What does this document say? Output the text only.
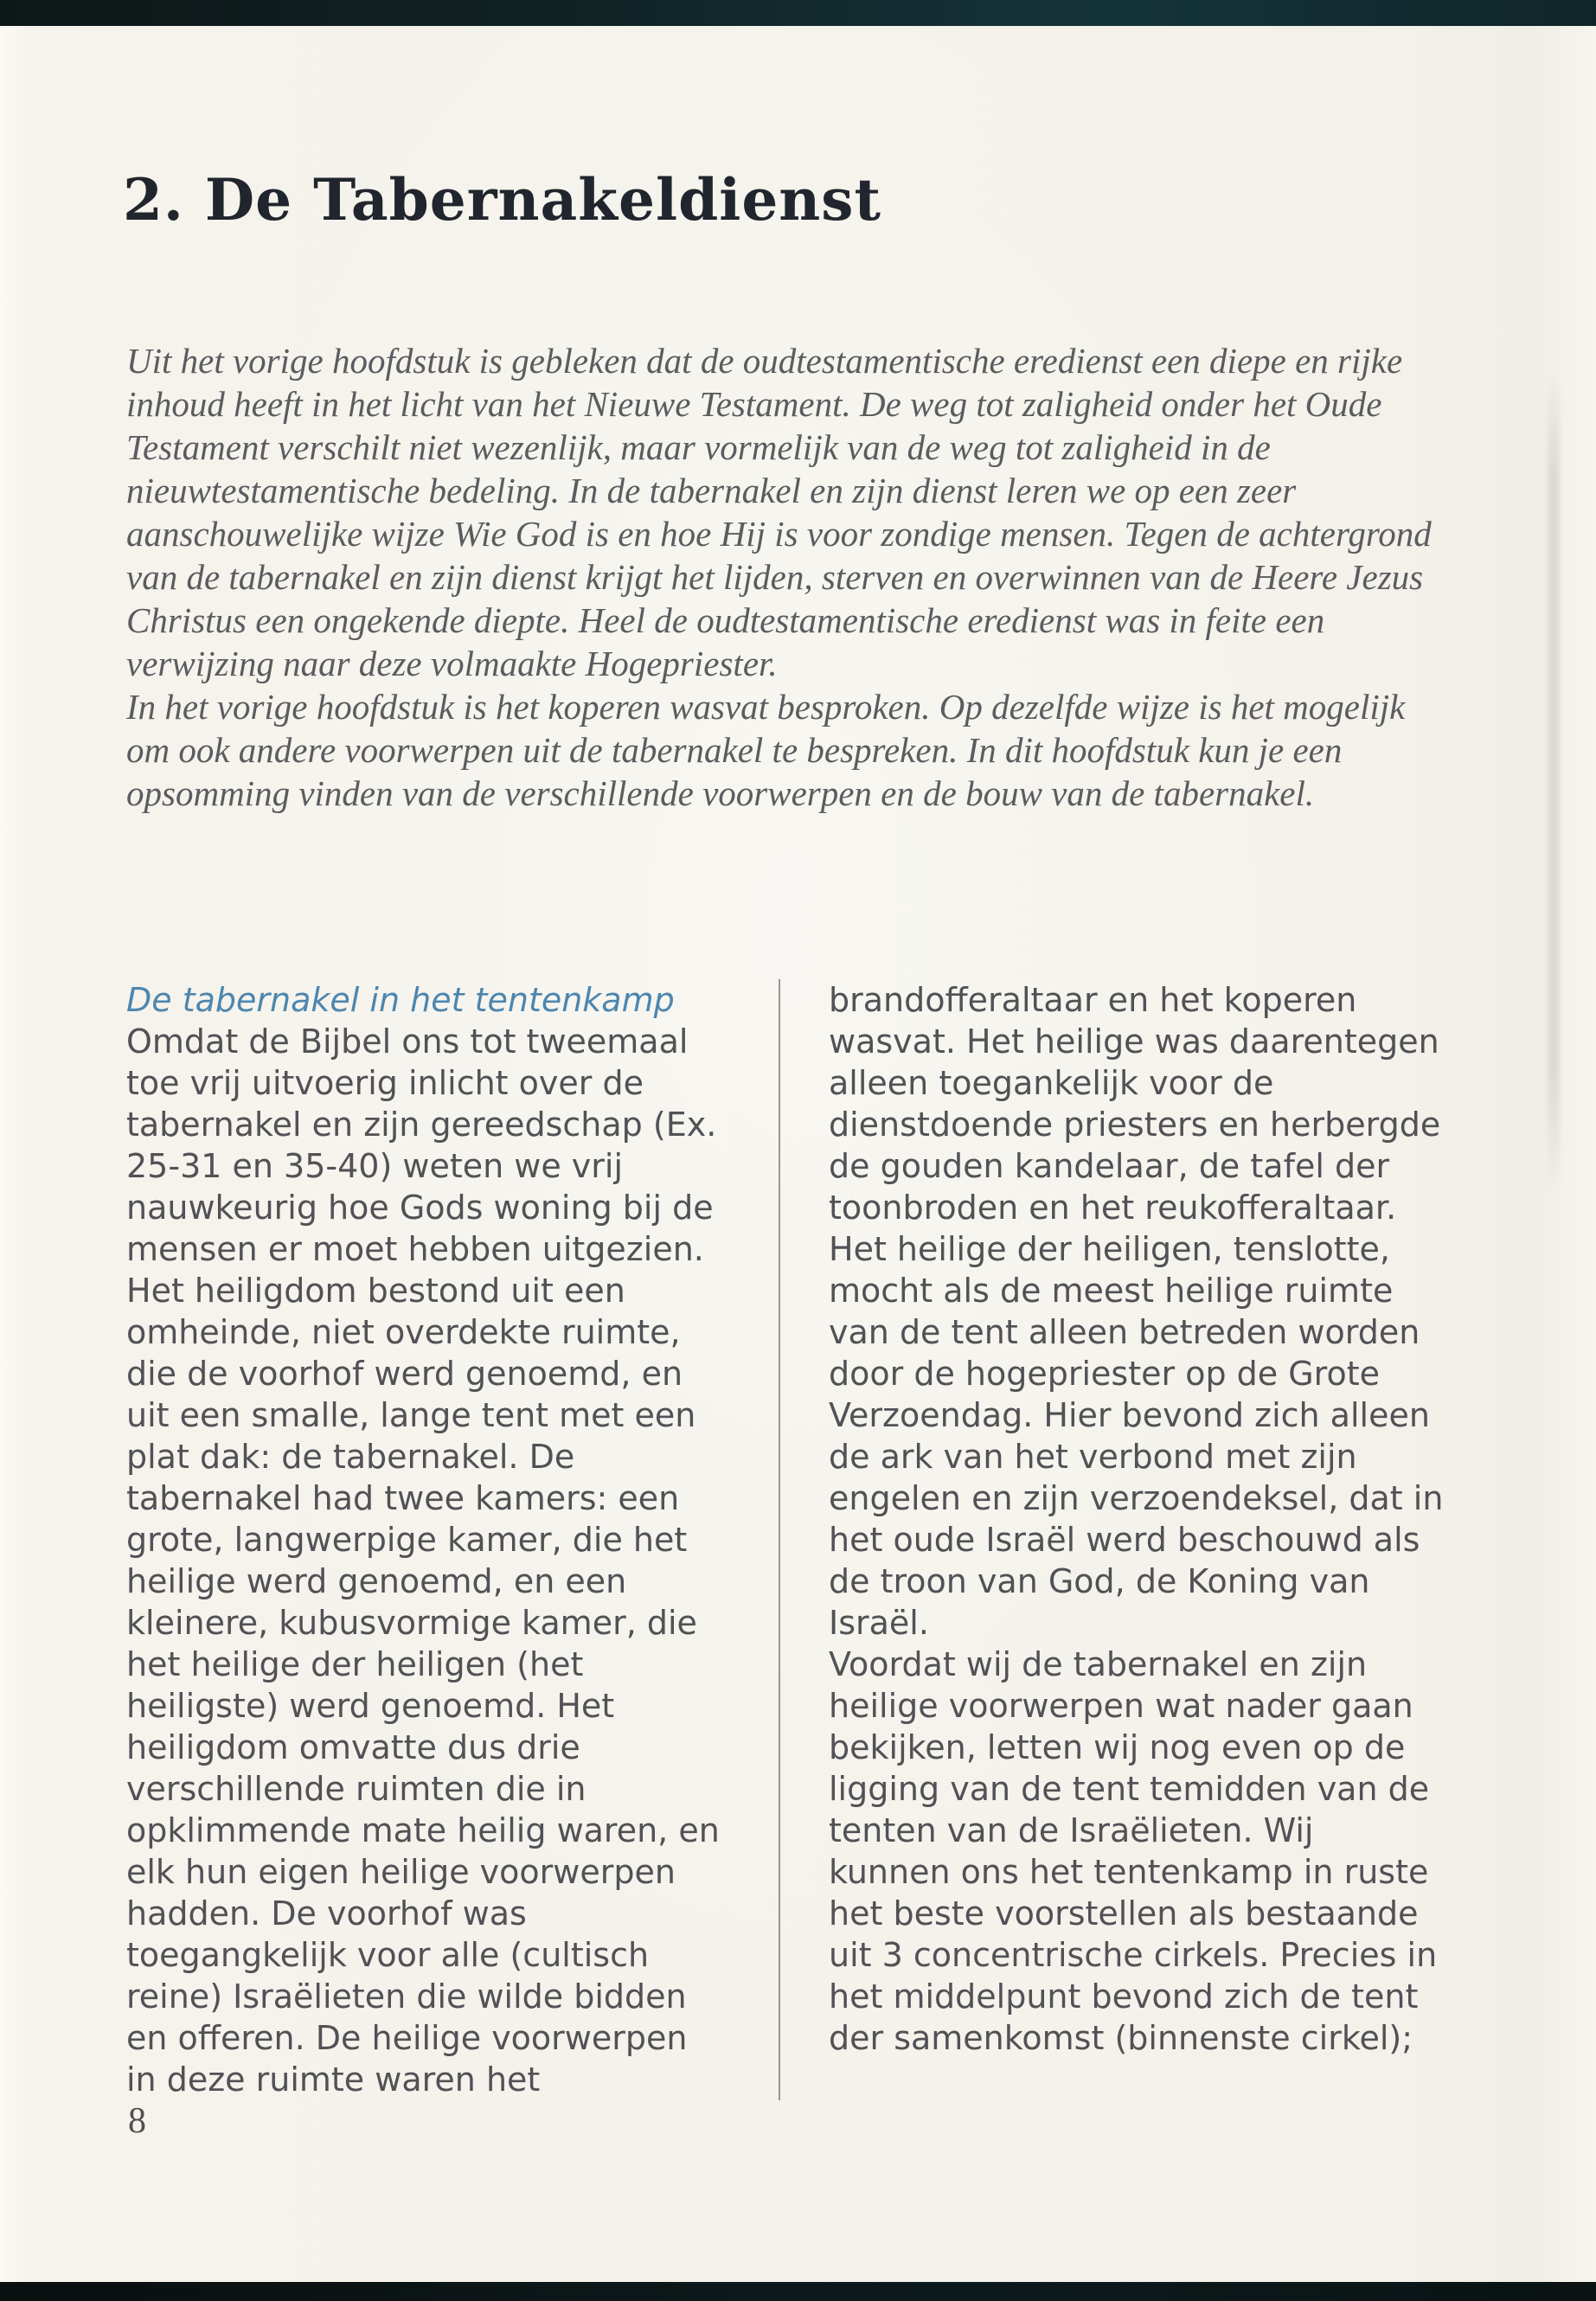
2. De Tabernakeldienst

Uit het vorige hoofdstuk is gebleken dat de oudtestamentische eredienst een diepe en rijke inhoud heeft in het licht van het Nieuwe Testament. De weg tot zaligheid onder het Oude Testament verschilt niet wezenlijk, maar vormelijk van de weg tot zaligheid in de nieuwtestamentische bedeling. In de tabernakel en zijn dienst leren we op een zeer aanschouwelijke wijze Wie God is en hoe Hij is voor zondige mensen. Tegen de achtergrond van de tabernakel en zijn dienst krijgt het lijden, sterven en overwinnen van de Heere Jezus Christus een ongekende diepte. Heel de oudtestamentische eredienst was in feite een verwijzing naar deze volmaakte Hogepriester.

In het vorige hoofdstuk is het koperen wasvat besproken. Op dezelfde wijze is het mogelijk om ook andere voorwerpen uit de tabernakel te bespreken. In dit hoofdstuk kun je een opsomming vinden van de verschillende voorwerpen en de bouw van de tabernakel.

De tabernakel in het tentenkamp

Omdat de Bijbel ons tot tweemaal toe vrij uitvoerig inlicht over de tabernakel en zijn gereedschap (Ex. 25-31 en 35-40) weten we vrij nauwkeurig hoe Gods woning bij de mensen er moet hebben uitgezien. Het heiligdom bestond uit een omheinde, niet overdekte ruimte, die de voorhof werd genoemd, en uit een smalle, lange tent met een plat dak: de tabernakel. De tabernakel had twee kamers: een grote, langwerpige kamer, die het heilige werd genoemd, en een kleinere, kubusvormige kamer, die het heilige der heiligen (het heiligste) werd genoemd. Het heiligdom omvatte dus drie verschillende ruimten die in opklimmende mate heilig waren, en elk hun eigen heilige voorwerpen hadden. De voorhof was toegangkelijk voor alle (cultisch reine) Israëlieten die wilde bidden en offeren. De heilige voorwerpen in deze ruimte waren het

brandofferaltaar en het koperen wasvat. Het heilige was daarentegen alleen toegankelijk voor de dienstdoende priesters en herbergde de gouden kandelaar, de tafel der toonbroden en het reukofferaltaar. Het heilige der heiligen, tenslotte, mocht als de meest heilige ruimte van de tent alleen betreden worden door de hogepriester op de Grote Verzoendag. Hier bevond zich alleen de ark van het verbond met zijn engelen en zijn verzoendeksel, dat in het oude Israël werd beschouwd als de troon van God, de Koning van Israël.

Voordat wij de tabernakel en zijn heilige voorwerpen wat nader gaan bekijken, letten wij nog even op de ligging van de tent temidden van de tenten van de Israëlieten. Wij kunnen ons het tentenkamp in ruste het beste voorstellen als bestaande uit 3 concentrische cirkels. Precies in het middelpunt bevond zich de tent der samenkomst (binnenste cirkel);

8
